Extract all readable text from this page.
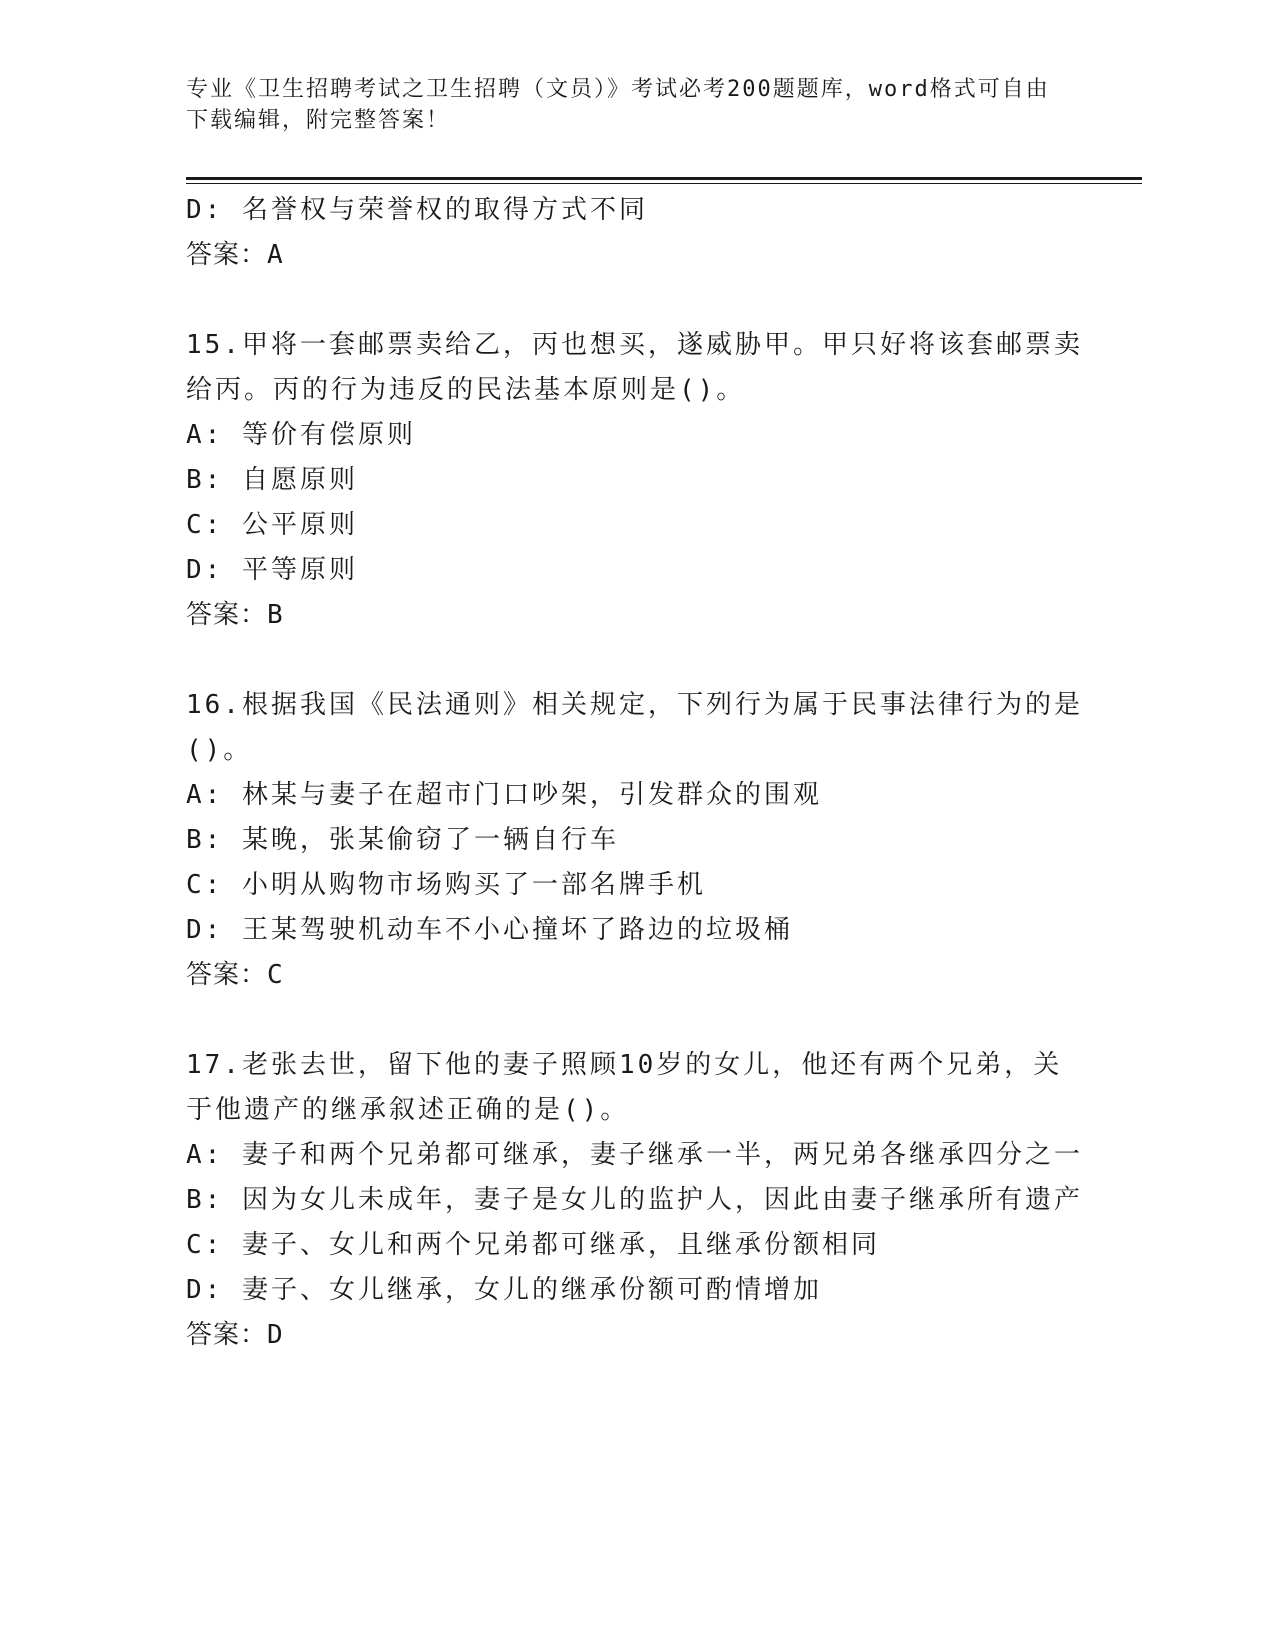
专业《卫生招聘考试之卫生招聘（文员）》考试必考200题题库，word格式可自由下载编辑，附完整答案！
D: 名誉权与荣誉权的取得方式不同
答案：A
15.甲将一套邮票卖给乙，丙也想买，遂威胁甲。甲只好将该套邮票卖给丙。丙的行为违反的民法基本原则是()。
A: 等价有偿原则
B: 自愿原则
C: 公平原则
D: 平等原则
答案：B
16.根据我国《民法通则》相关规定，下列行为属于民事法律行为的是()。
A: 林某与妻子在超市门口吵架，引发群众的围观
B: 某晚，张某偷窃了一辆自行车
C: 小明从购物市场购买了一部名牌手机
D: 王某驾驶机动车不小心撞坏了路边的垃圾桶
答案：C
17.老张去世，留下他的妻子照顾10岁的女儿，他还有两个兄弟，关于他遗产的继承叙述正确的是()。
A: 妻子和两个兄弟都可继承，妻子继承一半，两兄弟各继承四分之一
B: 因为女儿未成年，妻子是女儿的监护人，因此由妻子继承所有遗产
C: 妻子、女儿和两个兄弟都可继承，且继承份额相同
D: 妻子、女儿继承，女儿的继承份额可酌情增加
答案：D
